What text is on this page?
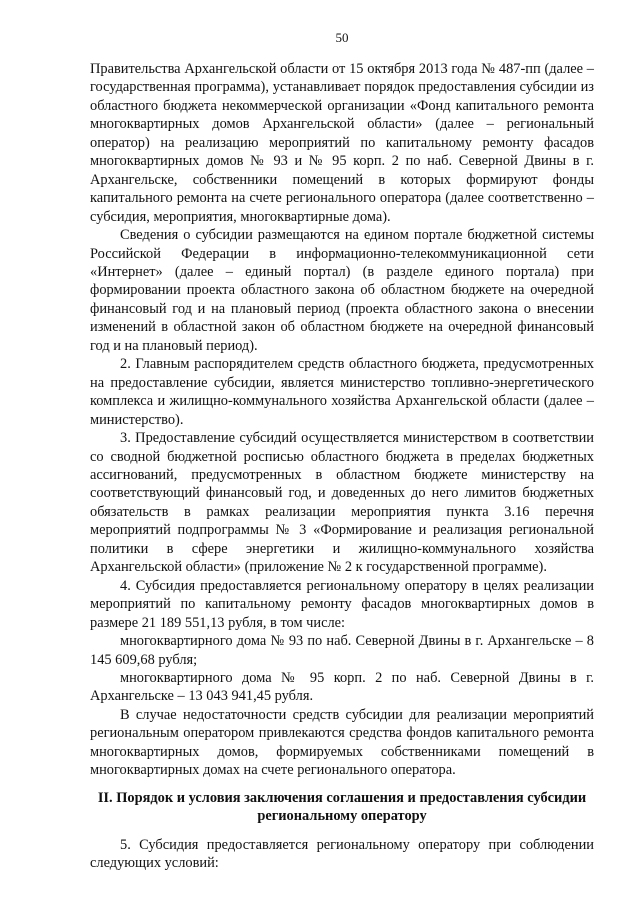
50

Правительства Архангельской области от 15 октября 2013 года № 487-пп (далее – государственная программа), устанавливает порядок предоставления субсидии из областного бюджета некоммерческой организации «Фонд капитального ремонта многоквартирных домов Архангельской области» (далее – региональный оператор) на реализацию мероприятий по капитальному ремонту фасадов многоквартирных домов № 93 и № 95 корп. 2 по наб. Северной Двины в г. Архангельске, собственники помещений в которых формируют фонды капитального ремонта на счете регионального оператора (далее соответственно – субсидия, мероприятия, многоквартирные дома).

Сведения о субсидии размещаются на едином портале бюджетной системы Российской Федерации в информационно-телекоммуникационной сети «Интернет» (далее – единый портал) (в разделе единого портала) при формировании проекта областного закона об областном бюджете на очередной финансовый год и на плановый период (проекта областного закона о внесении изменений в областной закон об областном бюджете на очередной финансовый год и на плановый период).

2. Главным распорядителем средств областного бюджета, предусмотренных на предоставление субсидии, является министерство топливно-энергетического комплекса и жилищно-коммунального хозяйства Архангельской области (далее – министерство).

3. Предоставление субсидий осуществляется министерством в соответствии со сводной бюджетной росписью областного бюджета в пределах бюджетных ассигнований, предусмотренных в областном бюджете министерству на соответствующий финансовый год, и доведенных до него лимитов бюджетных обязательств в рамках реализации мероприятия пункта 3.16 перечня мероприятий подпрограммы № 3 «Формирование и реализация региональной политики в сфере энергетики и жилищно-коммунального хозяйства Архангельской области» (приложение № 2 к государственной программе).

4. Субсидия предоставляется региональному оператору в целях реализации мероприятий по капитальному ремонту фасадов многоквартирных домов в размере 21 189 551,13 рубля, в том числе:

многоквартирного дома № 93 по наб. Северной Двины в г. Архангельске – 8 145 609,68 рубля;

многоквартирного дома № 95 корп. 2 по наб. Северной Двины в г. Архангельске – 13 043 941,45 рубля.

В случае недостаточности средств субсидии для реализации мероприятий региональным оператором привлекаются средства фондов капитального ремонта многоквартирных домов, формируемых собственниками помещений в многоквартирных домах на счете регионального оператора.

II. Порядок и условия заключения соглашения и предоставления субсидии региональному оператору

5. Субсидия предоставляется региональному оператору при соблюдении следующих условий:
